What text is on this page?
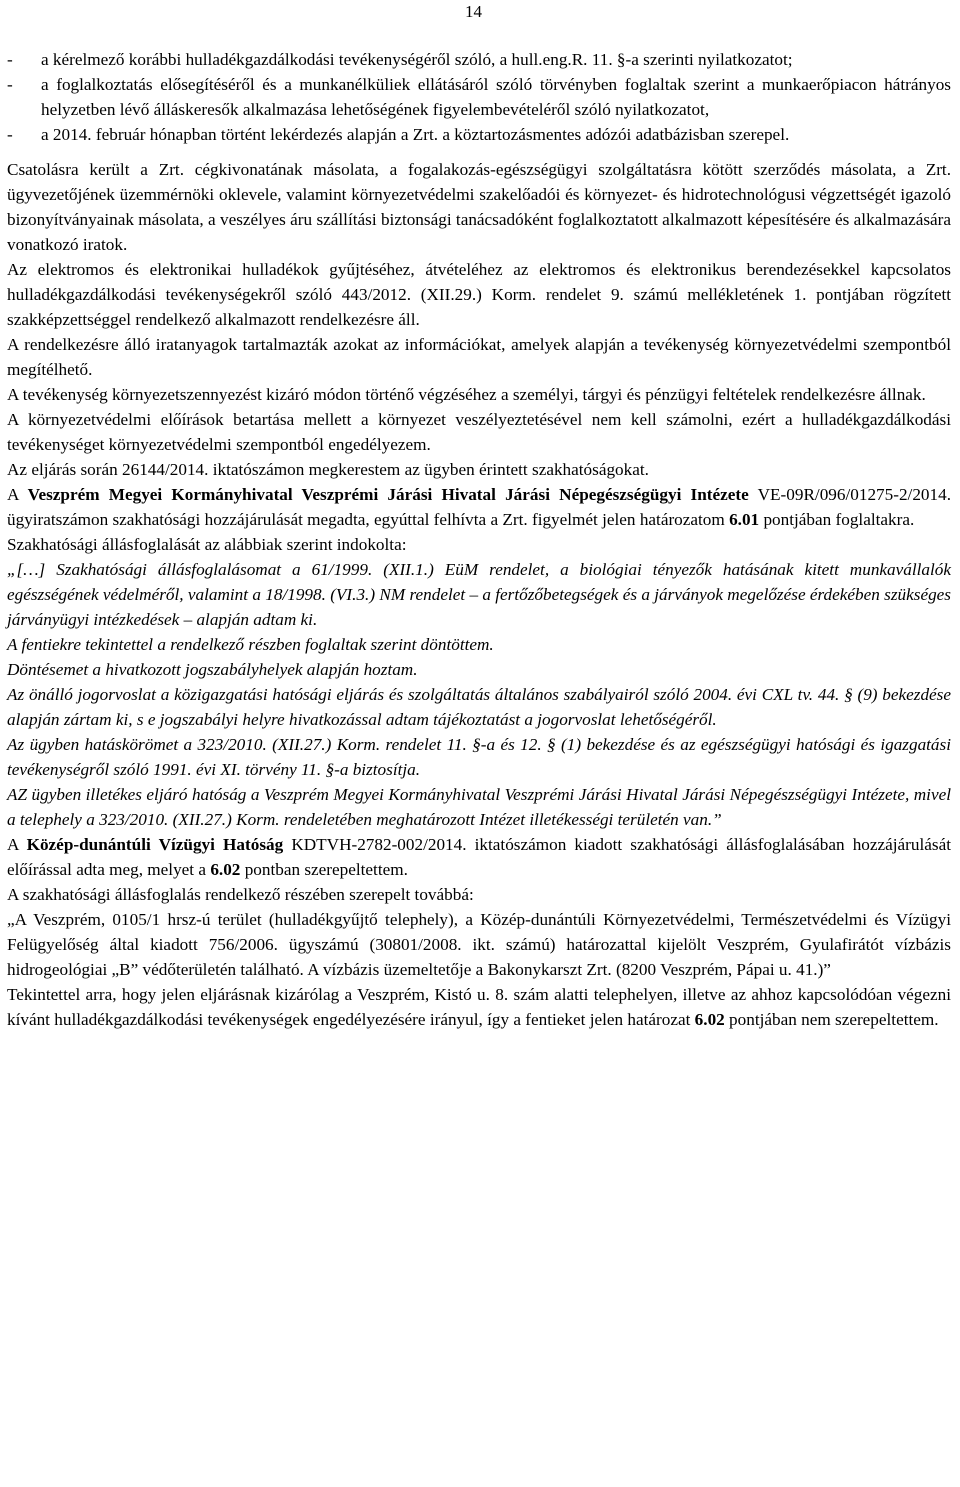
14
-	a kérelmező korábbi hulladékgazdálkodási tevékenységéről szóló, a hull.eng.R. 11. §-a szerinti nyilatkozatot;
-	a foglalkoztatás elősegítéséről és a munkanélküliek ellátásáról szóló törvényben foglaltak szerint a munkaerőpiacon hátrányos helyzetben lévő álláskeresők alkalmazása lehetőségének figyelembevételéről szóló nyilatkozatot,
-	a 2014. február hónapban történt lekérdezés alapján a Zrt. a köztartozásmentes adózói adatbázisban szerepel.

Csatolásra került a Zrt. cégkivonatának másolata, a fogalakozás-egészségügyi szolgáltatásra kötött szerződés másolata, a Zrt. ügyvezetőjének üzemmérnöki oklevele, valamint környezetvédelmi szakelőadói és környezet- és hidrotechnológusi végzettségét igazoló bizonyítványainak másolata, a veszélyes áru szállítási biztonsági tanácsadóként foglalkoztatott alkalmazott képesítésére és alkalmazására vonatkozó iratok.

Az elektromos és elektronikai hulladékok gyűjtéséhez, átvételéhez az elektromos és elektronikus berendezésekkel kapcsolatos hulladékgazdálkodási tevékenységekről szóló 443/2012. (XII.29.) Korm. rendelet 9. számú mellékletének 1. pontjában rögzített szakképzettséggel rendelkező alkalmazott rendelkezésre áll.

A rendelkezésre álló iratanyagok tartalmazták azokat az információkat, amelyek alapján a tevékenység környezetvédelmi szempontból megítélhető.

A tevékenység környezetszennyezést kizáró módon történő végzéséhez a személyi, tárgyi és pénzügyi feltételek rendelkezésre állnak.

A környezetvédelmi előírások betartása mellett a környezet veszélyeztetésével nem kell számolni, ezért a hulladékgazdálkodási tevékenységet környezetvédelmi szempontból engedélyezem.

Az eljárás során 26144/2014. iktatószámon megkerestem az ügyben érintett szakhatóságokat.

A Veszprém Megyei Kormányhivatal Veszprémi Járási Hivatal Járási Népegészségügyi Intézete VE-09R/096/01275-2/2014. ügyiratszámon szakhatósági hozzájárulását megadta, egyúttal felhívta a Zrt. figyelmét jelen határozatom 6.01 pontjában foglaltakra.

Szakhatósági állásfoglalását az alábbiak szerint indokolta:

„[…] Szakhatósági állásfoglalásomat a 61/1999. (XII.1.) EüM rendelet, a biológiai tényezők hatásának kitett munkavállalók egészségének védelméről, valamint a 18/1998. (VI.3.) NM rendelet – a fertőzőbetegségek és a járványok megelőzése érdekében szükséges járványügyi intézkedések – alapján adtam ki.

A fentiekre tekintettel a rendelkező részben foglaltak szerint döntöttem.

Döntésemet a hivatkozott jogszabályhelyek alapján hoztam.

Az önálló jogorvoslat a közigazgatási hatósági eljárás és szolgáltatás általános szabályairól szóló 2004. évi CXL tv. 44. § (9) bekezdése alapján zártam ki, s e jogszabályi helyre hivatkozással adtam tájékoztatást a jogorvoslat lehetőségéről.

Az ügyben hatáskörömet a 323/2010. (XII.27.) Korm. rendelet 11. §-a és 12. § (1) bekezdése és az egészségügyi hatósági és igazgatási tevékenységről szóló 1991. évi XI. törvény 11. §-a biztosítja.

AZ ügyben illetékes eljáró hatóság a Veszprém Megyei Kormányhivatal Veszprémi Járási Hivatal Járási Népegészségügyi Intézete, mivel a telephely a 323/2010. (XII.27.) Korm. rendeletében meghatározott Intézet illetékességi területén van.”

A Közép-dunántúli Vízügyi Hatóság KDTVH-2782-002/2014. iktatószámon kiadott szakhatósági állásfoglalásában hozzájárulását előírással adta meg, melyet a 6.02 pontban szerepeltettem.

A szakhatósági állásfoglalás rendelkező részében szerepelt továbbá:

„A Veszprém, 0105/1 hrsz-ú terület (hulladékgyűjtő telephely), a Közép-dunántúli Környezetvédelmi, Természetvédelmi és Vízügyi Felügyelőség által kiadott 756/2006. ügyszámú (30801/2008. ikt. számú) határozattal kijelölt Veszprém, Gyulafirátót vízbázis hidrogeológiai „B” védőterületén található. A vízbázis üzemeltetője a Bakonykarszt Zrt. (8200 Veszprém, Pápai u. 41.)”

Tekintettel arra, hogy jelen eljárásnak kizárólag a Veszprém, Kistó u. 8. szám alatti telephelyen, illetve az ahhoz kapcsolódóan végezni kívánt hulladékgazdálkodási tevékenységek engedélyezésére irányul, így a fentieket jelen határozat 6.02 pontjában nem szerepeltettem.
